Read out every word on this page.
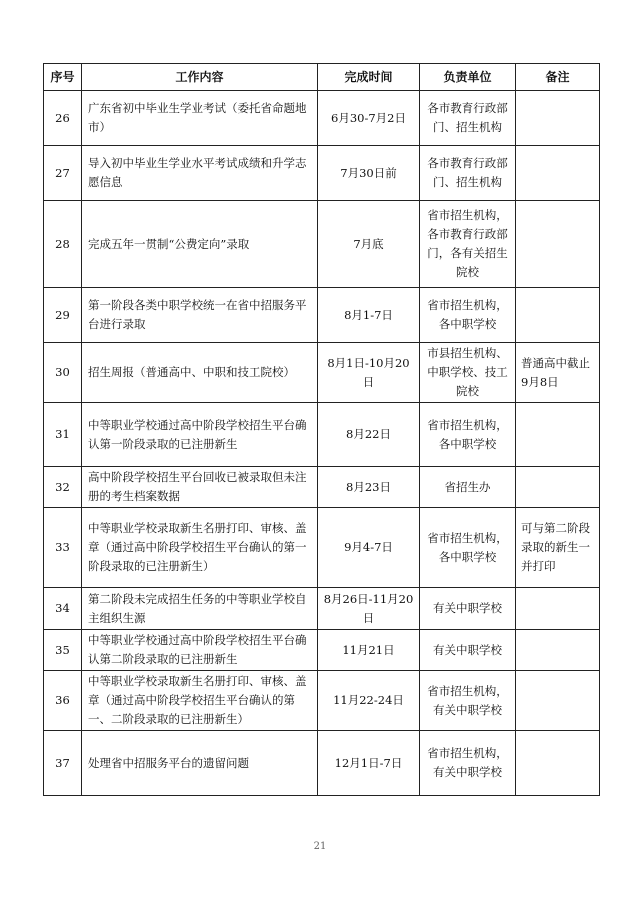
序号	工作内容	完成时间	负责单位	备注
26	广东省初中毕业生学业考试（委托省命题地市）	6月30-7月2日	各市教育行政部门、招生机构	
27	导入初中毕业生学业水平考试成绩和升学志愿信息	7月30日前	各市教育行政部门、招生机构	
28	完成五年一贯制“公费定向”录取	7月底	省市招生机构，各市教育行政部门，各有关招生院校	
29	第一阶段各类中职学校统一在省中招服务平台进行录取	8月1-7日	省市招生机构，各中职学校	
30	招生周报（普通高中、中职和技工院校）	8月1日-10月20日	市县招生机构、中职学校、技工院校	普通高中截止9月8日
31	中等职业学校通过高中阶段学校招生平台确认第一阶段录取的已注册新生	8月22日	省市招生机构，各中职学校	
32	高中阶段学校招生平台回收已被录取但未注册的考生档案数据	8月23日	省招生办	
33	中等职业学校录取新生名册打印、审核、盖章（通过高中阶段学校招生平台确认的第一阶段录取的已注册新生）	9月4-7日	省市招生机构，各中职学校	可与第二阶段录取的新生一并打印
34	第二阶段未完成招生任务的中等职业学校自主组织生源	8月26日-11月20日	有关中职学校	
35	中等职业学校通过高中阶段学校招生平台确认第二阶段录取的已注册新生	11月21日	有关中职学校	
36	中等职业学校录取新生名册打印、审核、盖章（通过高中阶段学校招生平台确认的第一、二阶段录取的已注册新生）	11月22-24日	省市招生机构，有关中职学校	
37	处理省中招服务平台的遗留问题	12月1日-7日	省市招生机构，有关中职学校	
21
